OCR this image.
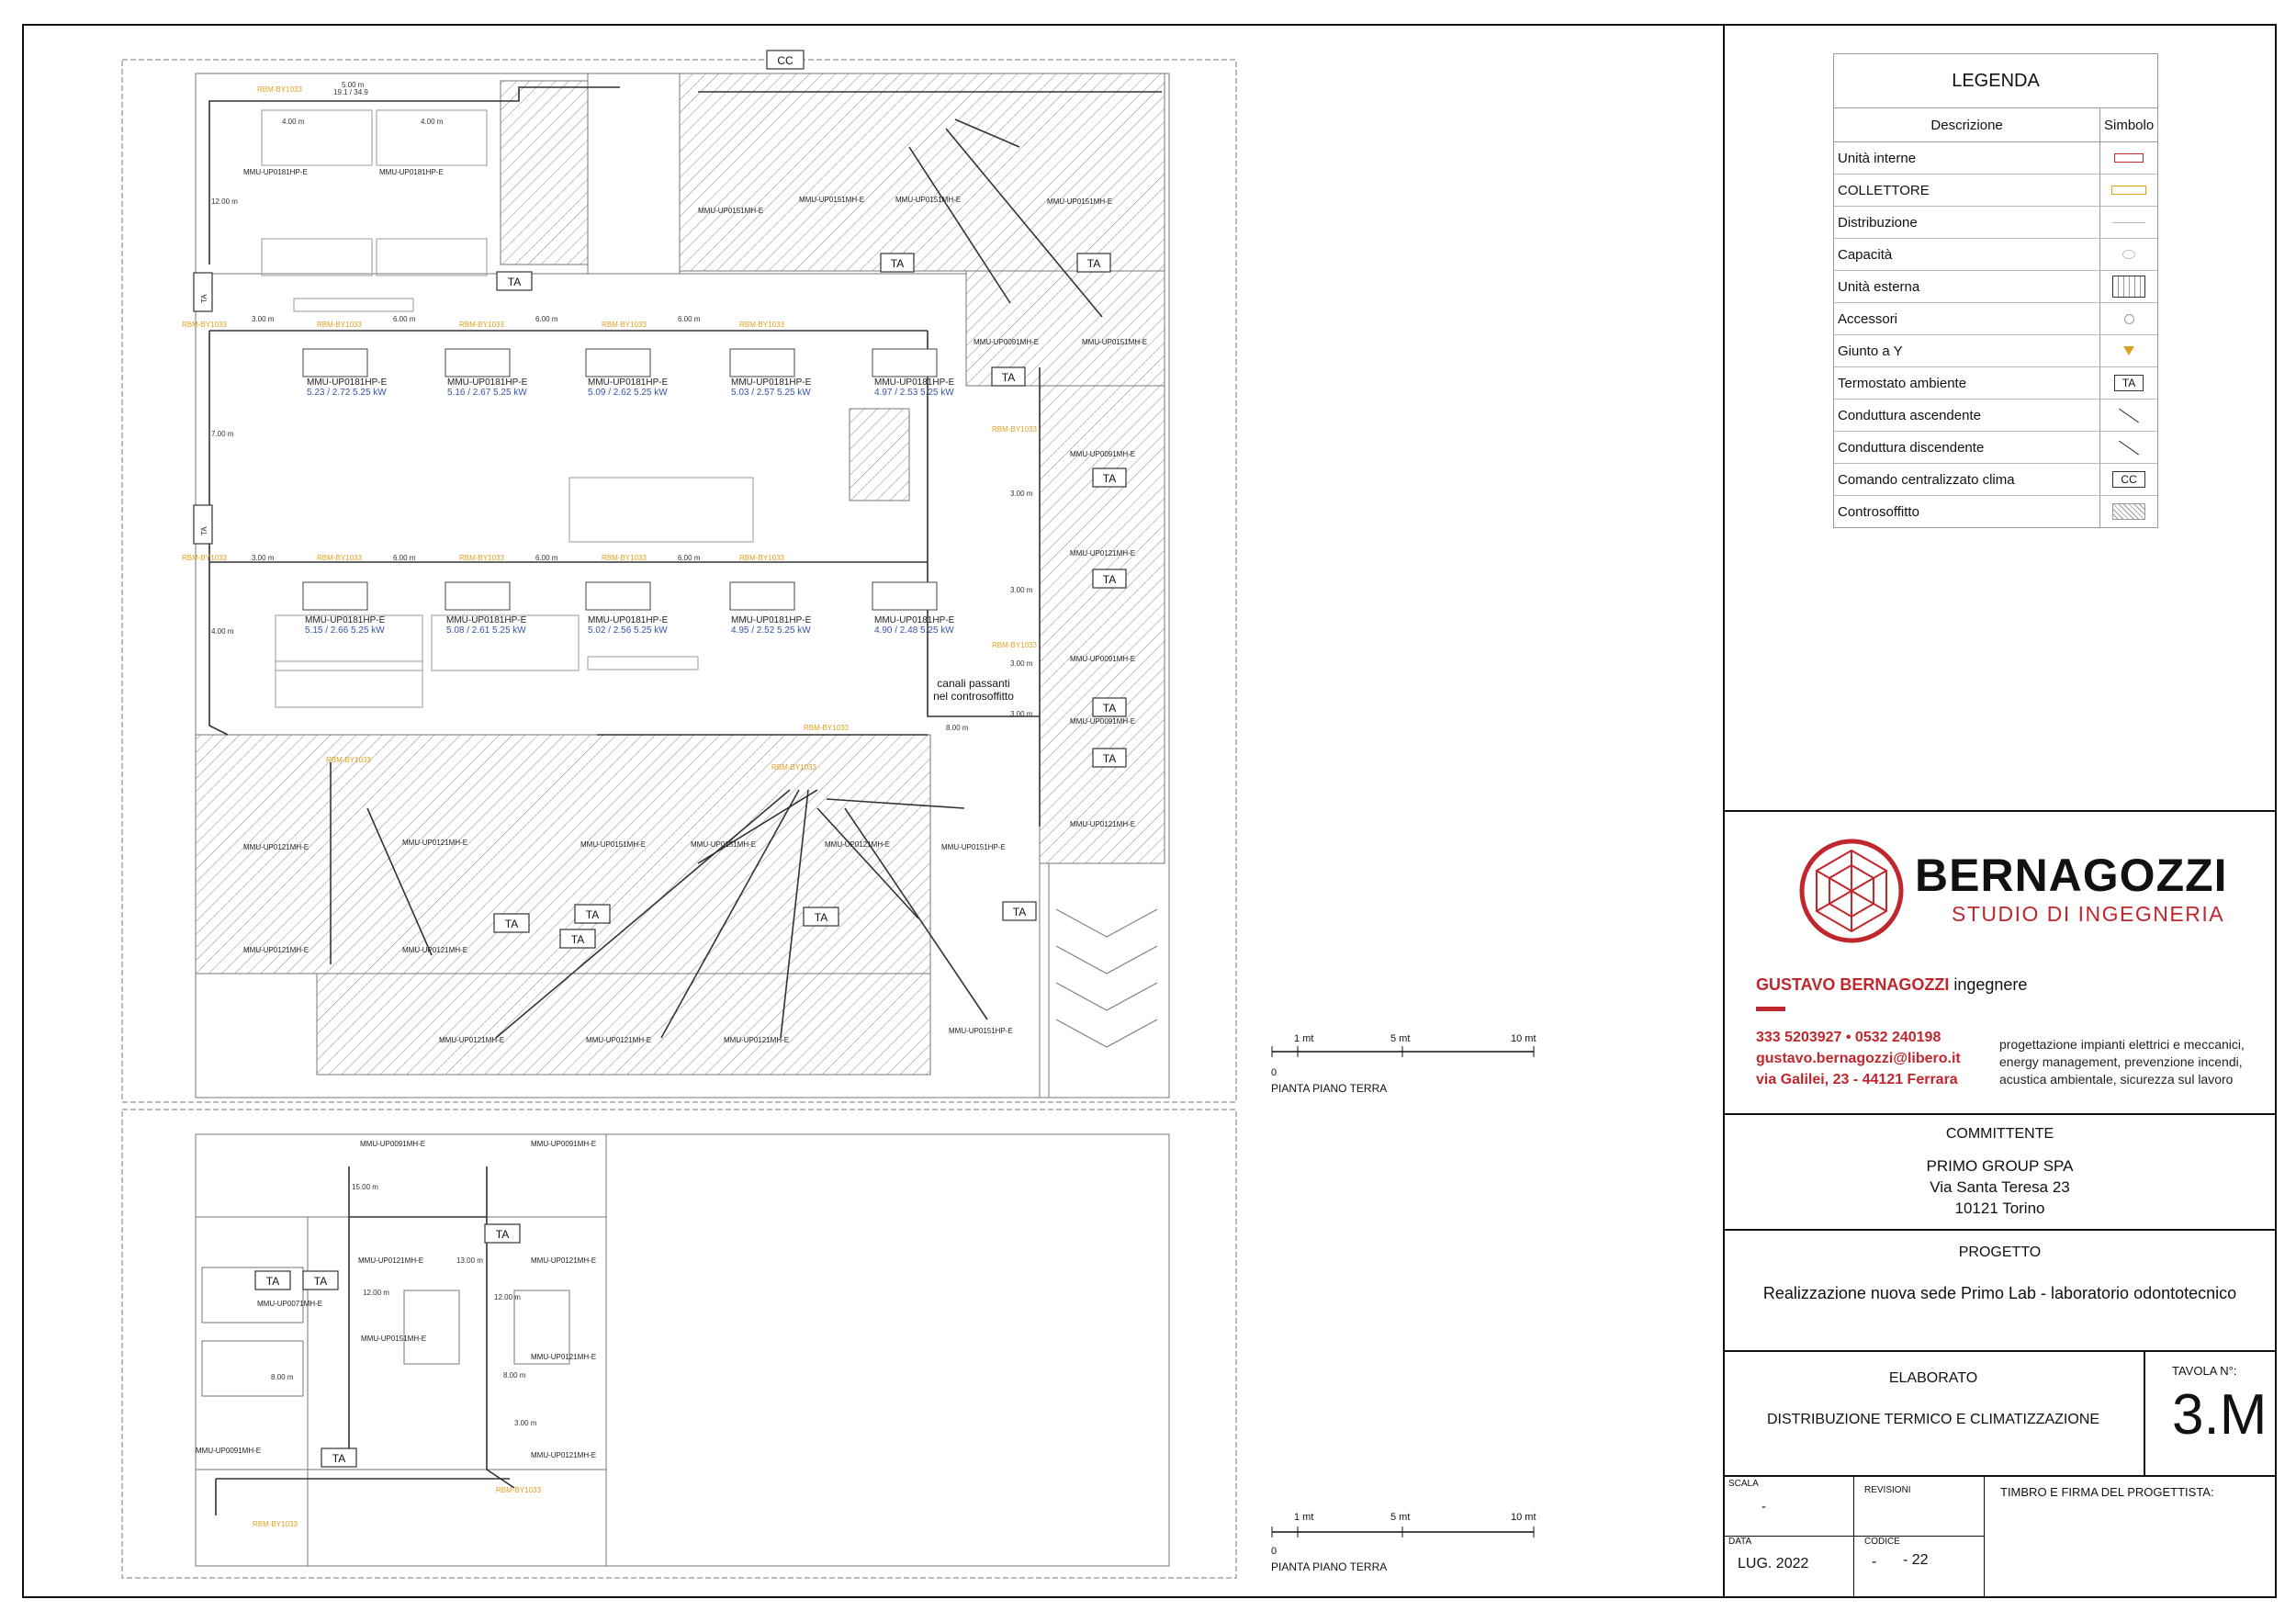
CC
TA
TA	TA
TA
TA
TA
TA
TA
TA
TA
TA	TA	TA
TA
TA
TA	TA
TA
TA
5.00 m
19.1 / 34.9
4.00 m	4.00 m
12.00 m
3.00 m	6.00 m	6.00 m	6.00 m
7.00 m
3.00 m	6.00 m	6.00 m	6.00 m
4.00 m
8.00 m
3.00 m
3.00 m
3.00 m
3.00 m
15.00 m
13.00 m
12.00 m
12.00 m
8.00 m
8.00 m
3.00 m
RBM-BY1033
RBM-BY1033	RBM-BY1033	RBM-BY1033	RBM-BY1033	RBM-BY1033
RBM-BY1033	RBM-BY1033	RBM-BY1033	RBM-BY1033	RBM-BY1033
RBM-BY1033
RBM-BY1033
RBM-BY1033
RBM-BY1033
RBM-BY1033
RBM-BY1033
RBM-BY1033
MMU-UP0181HP-E	MMU-UP0181HP-E
MMU-UP0151MH-E
MMU-UP0151MH-E	MMU-UP0151MH-E	MMU-UP0151MH-E
MMU-UP0091MH-E	MMU-UP0151MH-E
MMU-UP0091MH-E
MMU-UP0121MH-E
MMU-UP0091MH-E
MMU-UP0091MH-E
MMU-UP0121MH-E
MMU-UP0151HP-E
MMU-UP0121MH-E
MMU-UP0121MH-E	MMU-UP0151MH-E	MMU-UP0151MH-E	MMU-UP0121MH-E
MMU-UP0121MH-E	MMU-UP0121MH-E
MMU-UP0121MH-E	MMU-UP0121MH-E	MMU-UP0121MH-E
MMU-UP0151HP-E
MMU-UP0091MH-E	MMU-UP0091MH-E
MMU-UP0121MH-E	MMU-UP0121MH-E
MMU-UP0071MH-E
MMU-UP0151MH-E
MMU-UP0121MH-E
MMU-UP0121MH-E
MMU-UP0091MH-E
MMU-UP0181HP-E
5.23 / 2.72 5.25 kW
MMU-UP0181HP-E
5.16 / 2.67 5.25 kW
MMU-UP0181HP-E
5.09 / 2.62 5.25 kW
MMU-UP0181HP-E
5.03 / 2.57 5.25 kW
MMU-UP0181HP-E
4.97 / 2.53 5.25 kW
MMU-UP0181HP-E
5.15 / 2.66 5.25 kW
MMU-UP0181HP-E
5.08 / 2.61 5.25 kW
MMU-UP0181HP-E
5.02 / 2.56 5.25 kW
MMU-UP0181HP-E
4.95 / 2.52 5.25 kW
MMU-UP0181HP-E
4.90 / 2.48 5.25 kW
canali passanti
nel controsoffitto
1 mt	5 mt	10 mt
0
PIANTA PIANO TERRA
1 mt	5 mt	10 mt
0
PIANTA PIANO TERRA
LEGENDA
Descrizione	Simbolo
Unità interne
COLLETTORE
Distribuzione
Capacità
Unità esterna
Accessori
Giunto a Y
Termostato ambiente	TA
Conduttura ascendente
Conduttura discendente
Comando centralizzato clima	CC
Controsoffitto
BERNAGOZZI
STUDIO DI INGEGNERIA
GUSTAVO BERNAGOZZI ingegnere
333 5203927 • 0532 240198
gustavo.bernagozzi@libero.it
via Galilei, 23 - 44121 Ferrara
progettazione impianti elettrici e meccanici,
energy management, prevenzione incendi,
acustica ambientale, sicurezza sul lavoro
COMMITTENTE
PRIMO GROUP SPA
Via Santa Teresa 23
10121 Torino
PROGETTO
Realizzazione nuova sede Primo Lab - laboratorio odontotecnico
ELABORATO
DISTRIBUZIONE TERMICO E CLIMATIZZAZIONE
TAVOLA N°:
3.M
SCALA
-
REVISIONI	TIMBRO E FIRMA DEL PROGETTISTA:
DATA
LUG. 2022
CODICE
- - 22
